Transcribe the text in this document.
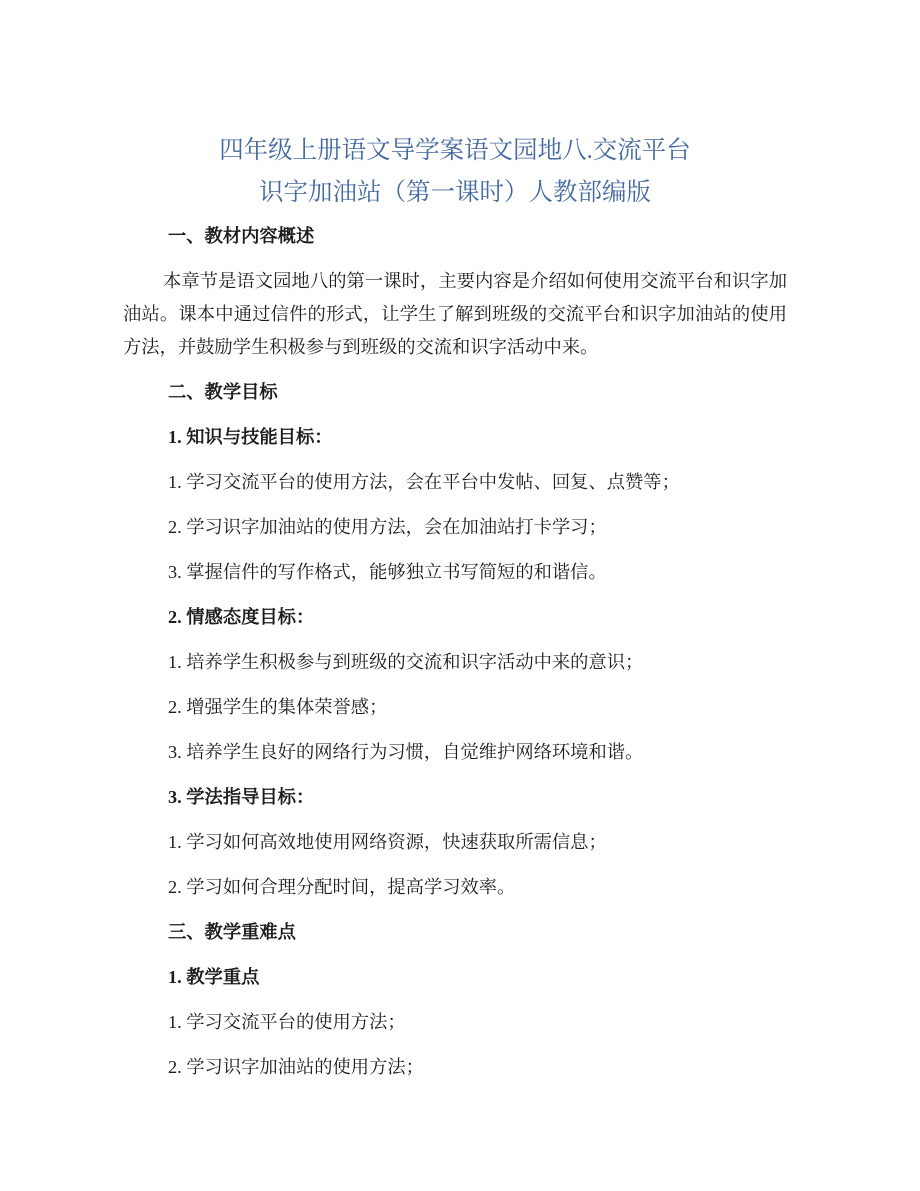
四年级上册语文导学案语文园地八.交流平台
识字加油站（第一课时）人教部编版
一、教材内容概述
本章节是语文园地八的第一课时，主要内容是介绍如何使用交流平台和识字加油站。课本中通过信件的形式，让学生了解到班级的交流平台和识字加油站的使用方法，并鼓励学生积极参与到班级的交流和识字活动中来。
二、教学目标
1. 知识与技能目标：
1. 学习交流平台的使用方法，会在平台中发帖、回复、点赞等；
2. 学习识字加油站的使用方法，会在加油站打卡学习；
3. 掌握信件的写作格式，能够独立书写简短的和谐信。
2. 情感态度目标：
1. 培养学生积极参与到班级的交流和识字活动中来的意识；
2. 增强学生的集体荣誉感；
3. 培养学生良好的网络行为习惯，自觉维护网络环境和谐。
3. 学法指导目标：
1. 学习如何高效地使用网络资源，快速获取所需信息；
2. 学习如何合理分配时间，提高学习效率。
三、教学重难点
1. 教学重点
1. 学习交流平台的使用方法；
2. 学习识字加油站的使用方法；
